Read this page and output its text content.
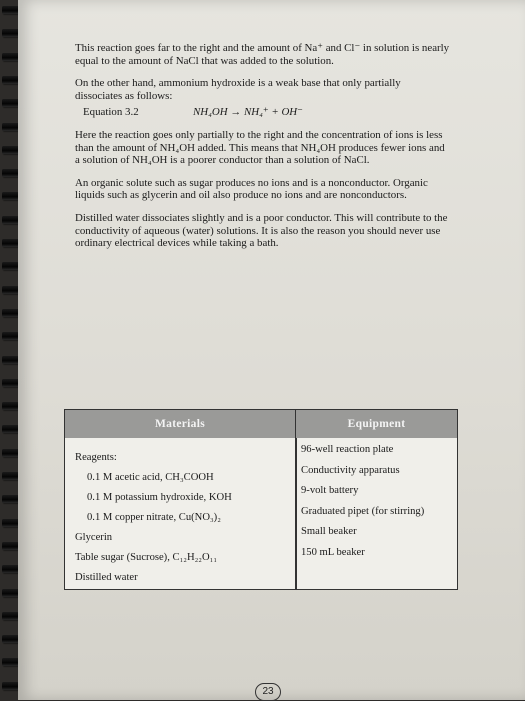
This reaction goes far to the right and the amount of Na⁺ and Cl⁻ in solution is nearly equal to the amount of NaCl that was added to the solution.

On the other hand, ammonium hydroxide is a weak base that only partially dissociates as follows:

Equation 3.2	NH₄OH → NH₄⁺ + OH⁻

Here the reaction goes only partially to the right and the concentration of ions is less than the amount of NH₄OH added. This means that NH₄OH produces fewer ions and a solution of NH₄OH is a poorer conductor than a solution of NaCl.

An organic solute such as sugar produces no ions and is a nonconductor. Organic liquids such as glycerin and oil also produce no ions and are nonconductors.

Distilled water dissociates slightly and is a poor conductor. This will contribute to the conductivity of aqueous (water) solutions. It is also the reason you should never use ordinary electrical devices while taking a bath.

Materials	Equipment
Reagents:
0.1 M acetic acid, CH₃COOH
0.1 M potassium hydroxide, KOH
0.1 M copper nitrate, Cu(NO₃)₂
Glycerin
Table sugar (Sucrose), C₁₂H₂₂O₁₁
Distilled water
96-well reaction plate
Conductivity apparatus
9-volt battery
Graduated pipet (for stirring)
Small beaker
150 mL beaker
23
